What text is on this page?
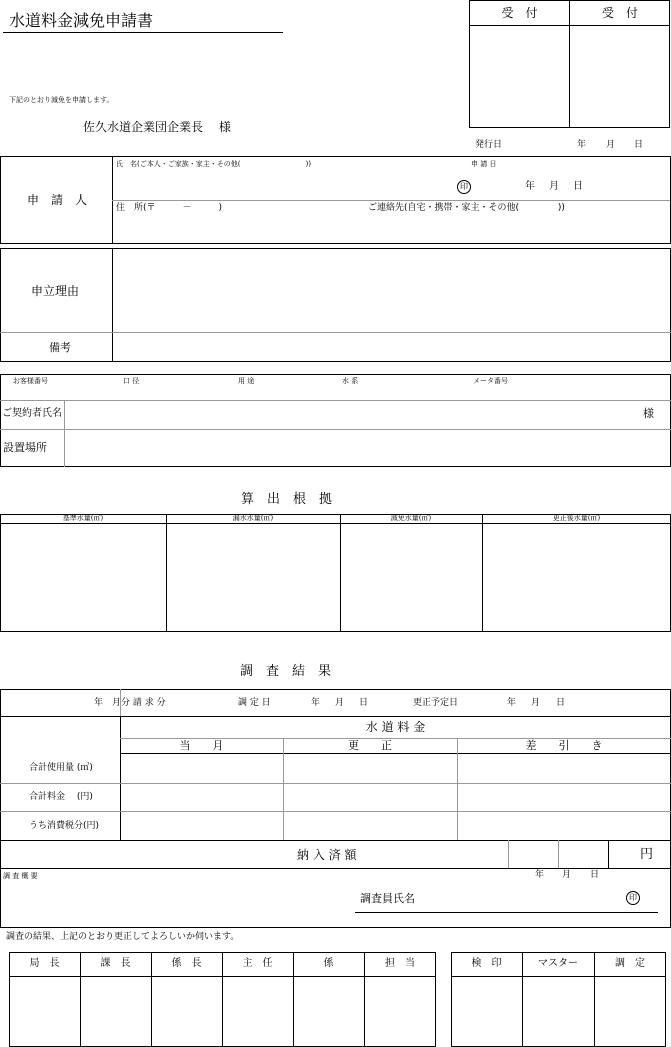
水道料金減免申請書	受　付	受　付
下記のとおり減免を申請します。
佐久水道企業団企業長　 様
発行日	年 月 日
申　請　人
氏　名(ご本人・ご家族・家主・その他(　　　　　　　　　 ))	申 請 日
印	年 月 日
住　所(〒　　　－　　　)	ご連絡先(自宅・携帯・家主・その他(　　　　 ))
申立理由
備考
お客様番号	口 径	用 途	水 系	メータ番号
ご契約者氏名	様
設置場所
算　出　根　拠
基準水量(㎥)	漏水水量(㎥)	減免水量(㎥)	更正後水量(㎥)
調　査　結　果
年　月分 請 求 分	調 定 日	年 月 日	更正予定日	年 月 日
水 道 料 金
当　　月	更　　正	差　　引　　き
合計使用量 (㎥)
合計料金　 (円)
うち消費税分(円)
納 入 済 額	円
調 査 概 要	年 月 日
調査員氏名	印
調査の結果、上記のとおり更正してよろしいか伺います。
局　長	課　長	係　長	主　任	係	担　当	検　印	マスター	調　定
